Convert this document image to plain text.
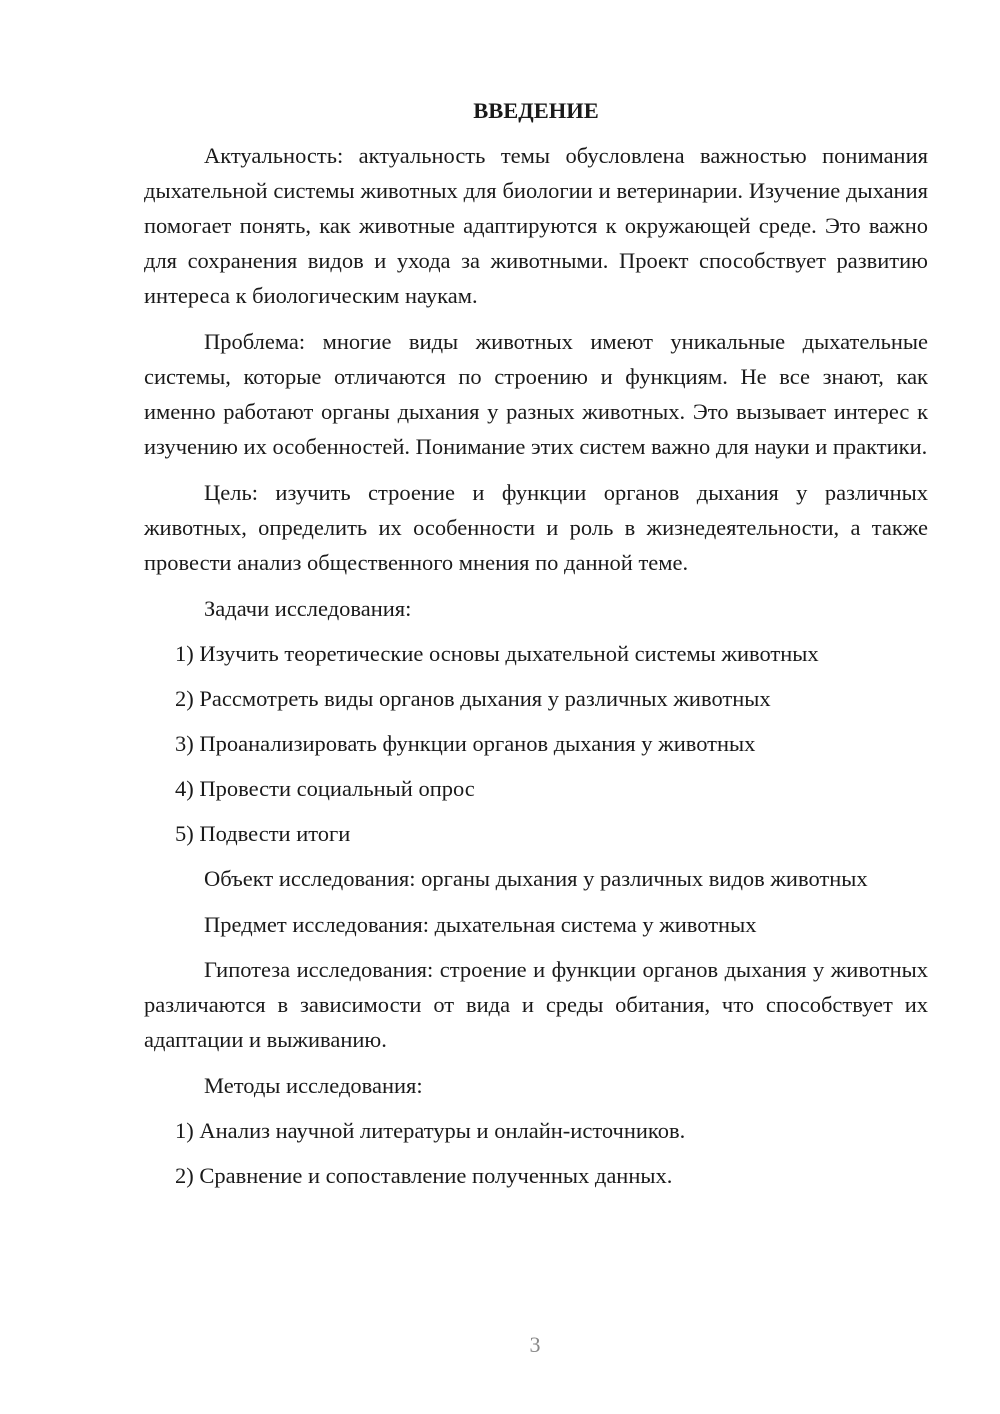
ВВЕДЕНИЕ

Актуальность: актуальность темы обусловлена важностью понимания дыхательной системы животных для биологии и ветеринарии. Изучение дыхания помогает понять, как животные адаптируются к окружающей среде. Это важно для сохранения видов и ухода за животными. Проект способствует развитию интереса к биологическим наукам.

Проблема: многие виды животных имеют уникальные дыхательные системы, которые отличаются по строению и функциям. Не все знают, как именно работают органы дыхания у разных животных. Это вызывает интерес к изучению их особенностей. Понимание этих систем важно для науки и практики.

Цель: изучить строение и функции органов дыхания у различных животных, определить их особенности и роль в жизнедеятельности, а также провести анализ общественного мнения по данной теме.

Задачи исследования:

1) Изучить теоретические основы дыхательной системы животных
2) Рассмотреть виды органов дыхания у различных животных
3) Проанализировать функции органов дыхания у животных
4) Провести социальный опрос
5) Подвести итоги

Объект исследования: органы дыхания у различных видов животных

Предмет исследования: дыхательная система у животных

Гипотеза исследования: строение и функции органов дыхания у животных различаются в зависимости от вида и среды обитания, что способствует их адаптации и выживанию.

Методы исследования:

1) Анализ научной литературы и онлайн-источников.
2) Сравнение и сопоставление полученных данных.
3
